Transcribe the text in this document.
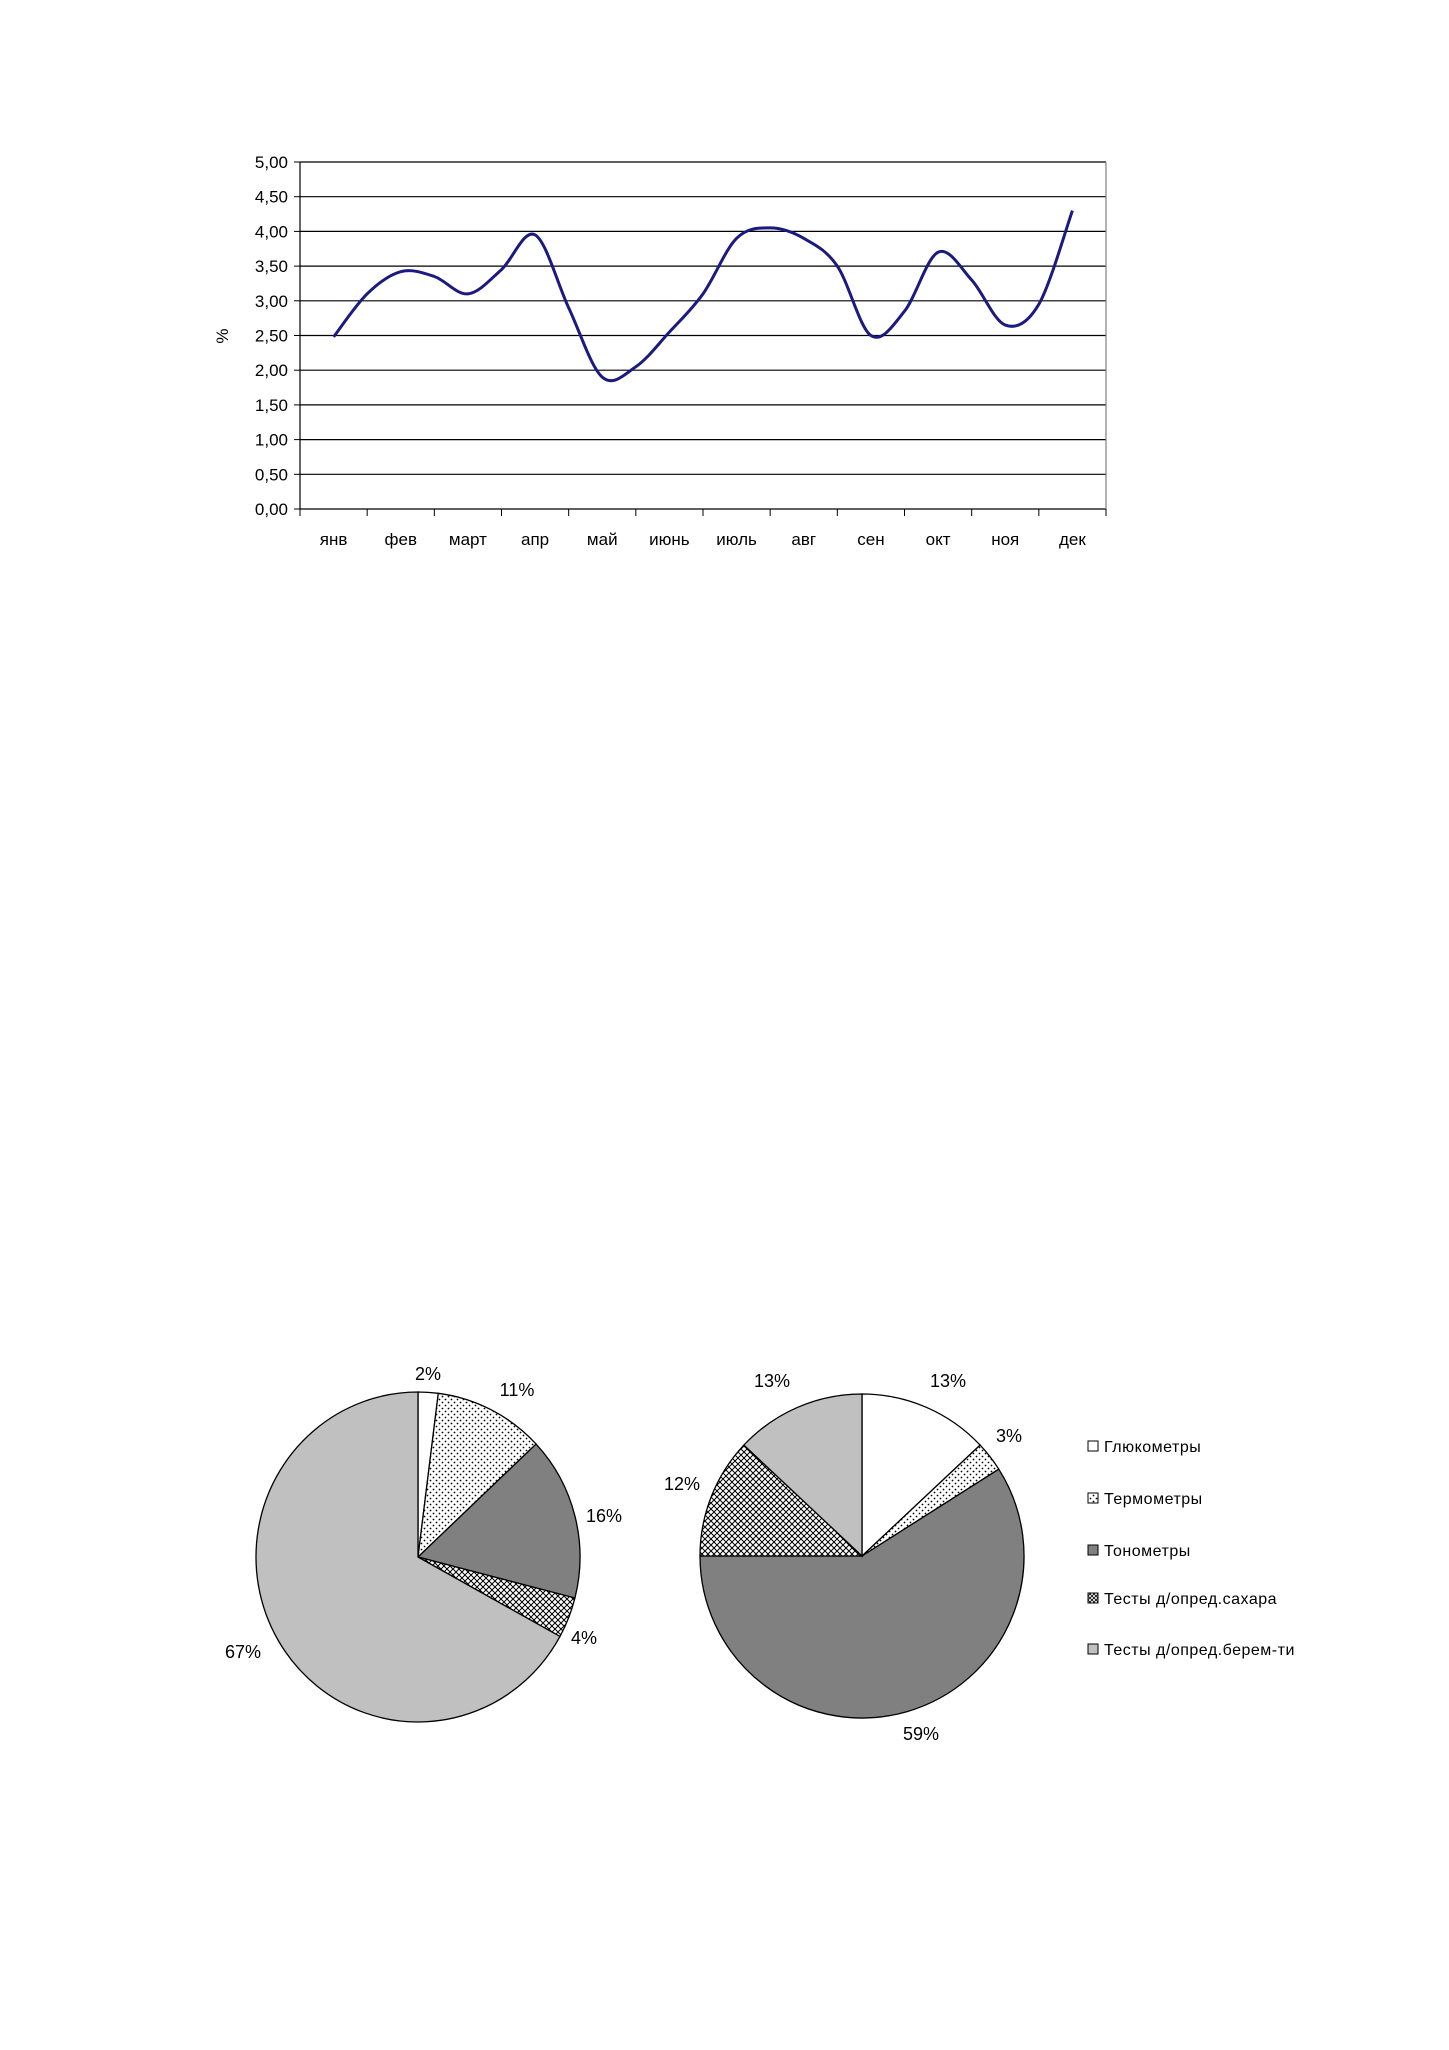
0,00
0,50
1,00
1,50
2,00
2,50
3,00
3,50
4,00
4,50
5,00
янв фев март апр май июнь июль авг сен окт ноя дек
%
2%
11%
16%
4%
67%
13%
3%
59%
12%
13%
Глюкометры
Термометры
Тонометры
Тесты д/опред.сахара
Тесты д/опред.берем-ти
